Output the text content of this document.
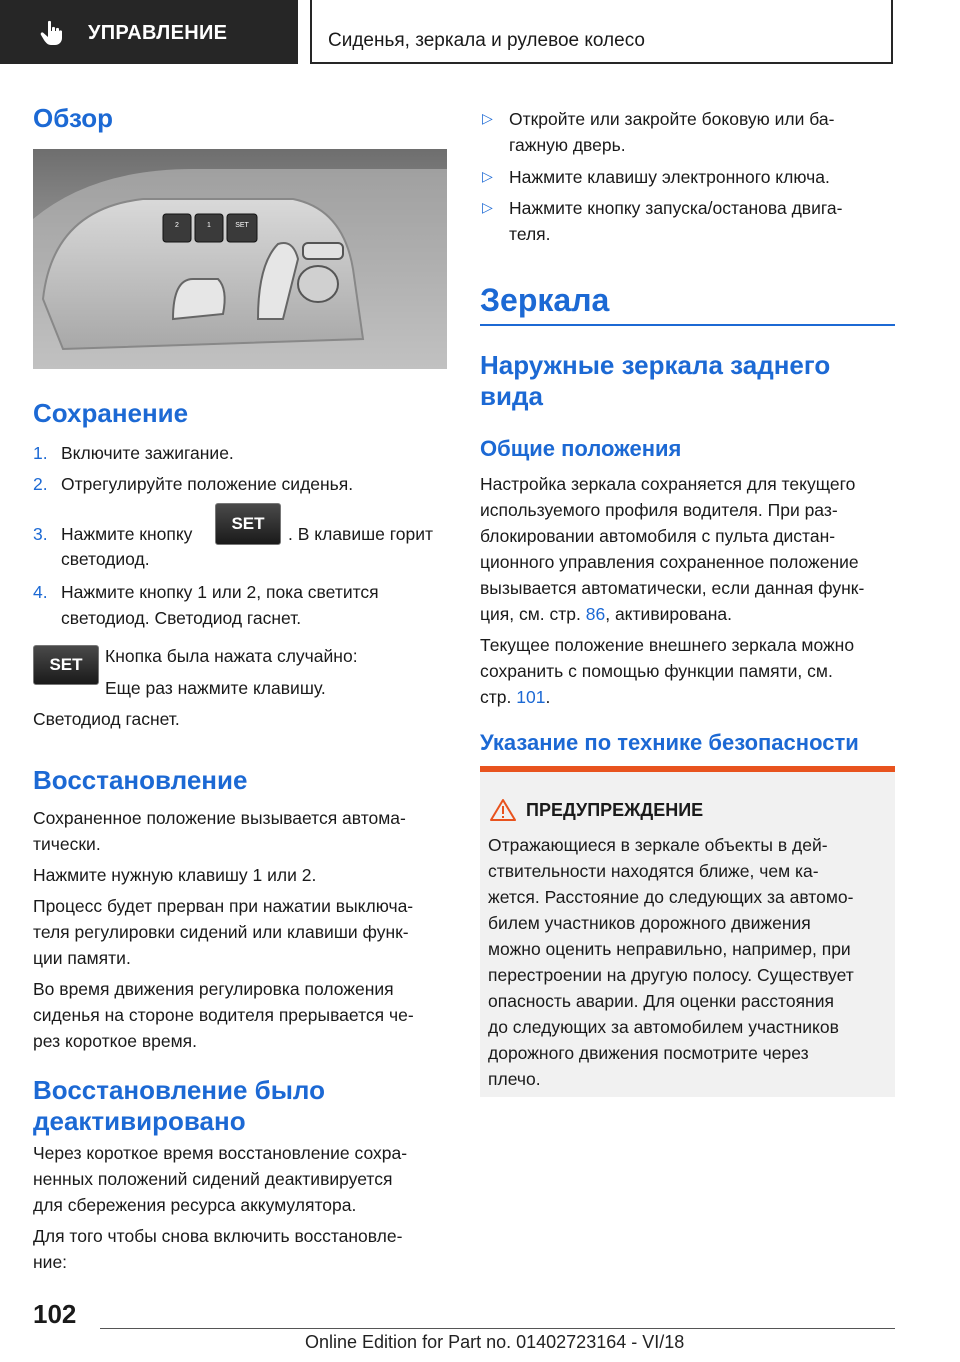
УПРАВЛЕНИЕ	Сиденья, зеркала и рулевое колесо
Обзор
2	1	SET
Сохранение

1. Включите зажигание.

2. Отрегулируйте положение сиденья.

3. Нажмите кнопку

SET

. В клавише горит

светодиод.

4. Нажмите кнопку 1 или 2, пока светится

светодиод. Светодиод гаснет.

SET Кнопка была нажата случайно:

Еще раз нажмите клавишу.

Светодиод гаснет.

Восстановление

Сохраненное положение вызывается автома-

тически.

Нажмите нужную клавишу 1 или 2.

Процесс будет прерван при нажатии выключа-

теля регулировки сидений или клавиши функ-

ции памяти.

Во время движения регулировка положения

сиденья на стороне водителя прерывается че-

рез короткое время.

Восстановление было
деактивировано

Через короткое время восстановление сохра-

ненных положений сидений деактивируется

для сбережения ресурса аккумулятора.

Для того чтобы снова включить восстановле-

ние:

▷ Откройте или закройте боковую или ба-

гажную дверь.

▷ Нажмите клавишу электронного ключа.

▷ Нажмите кнопку запуска/останова двига-

теля.

Зеркала
Наружные зеркала заднего
вида
Общие положения

Настройка зеркала сохраняется для текущего

используемого профиля водителя. При раз-

блокировании автомобиля с пульта дистан-

ционного управления сохраненное положение

вызывается автоматически, если данная функ-

ция, см. стр. 86, активирована.

Текущее положение внешнего зеркала можно

сохранить с помощью функции памяти, см.

стр. 101.

Указание по технике безопасности
ПРЕДУПРЕЖДЕНИЕ
Отражающиеся в зеркале объекты в дей-
ствительности находятся ближе, чем ка-
жется. Расстояние до следующих за автомо-
билем участников дорожного движения
можно оценить неправильно, например, при
перестроении на другую полосу. Существует
опасность аварии. Для оценки расстояния
до следующих за автомобилем участников
дорожного движения посмотрите через
плечо.
102
Online Edition for Part no. 01402723164 - VI/18
